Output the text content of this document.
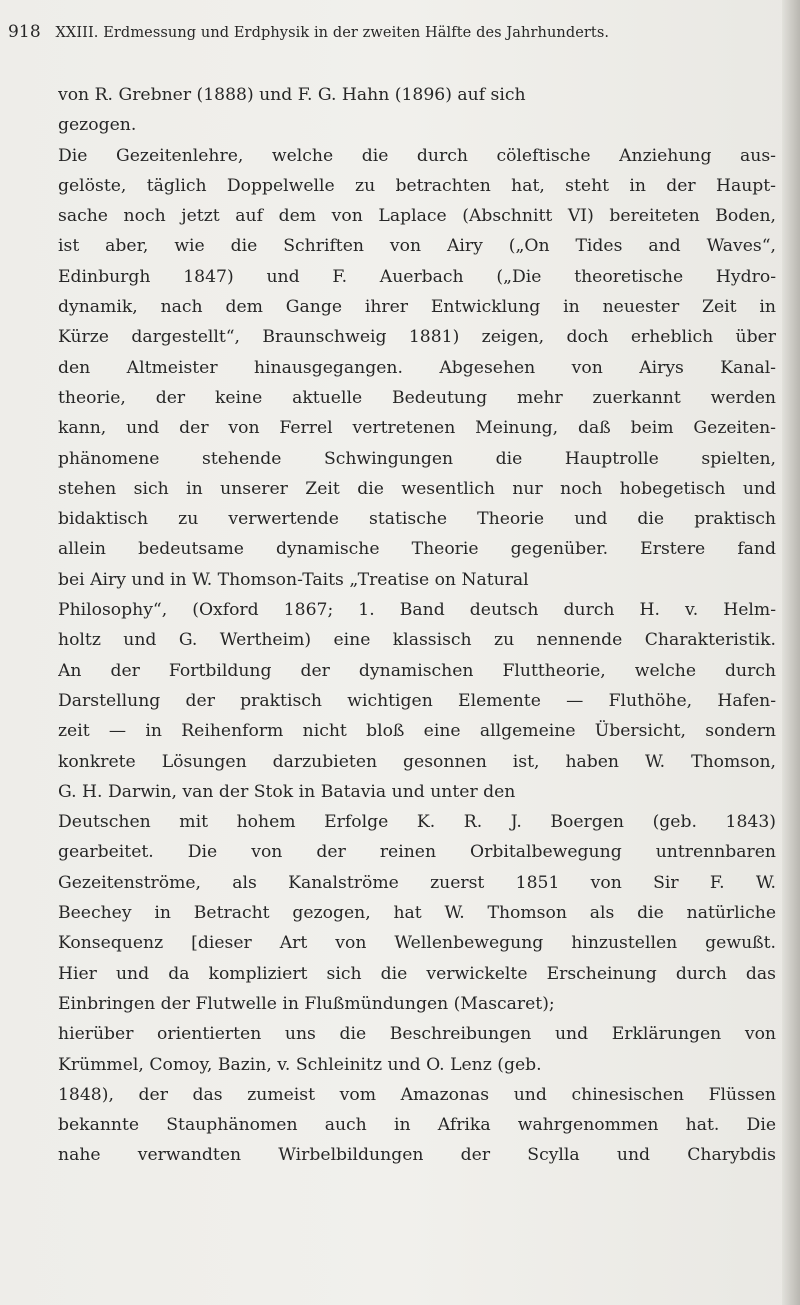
918 XXIII. Erdmessung und Erdphysik in der zweiten Hälfte des Jahrhunderts.
von R. Grebner (1888) und F. G. Hahn (1896) auf sich
gezogen.
Die Gezeitenlehre, welche die durch cöleftische Anziehung aus-
gelöste, täglich Doppelwelle zu betrachten hat, steht in der Haupt-
sache noch jetzt auf dem von Laplace (Abschnitt VI) bereiteten Boden,
ist aber, wie die Schriften von Airy („On Tides and Waves“,
Edinburgh 1847) und F. Auerbach („Die theoretische Hydro-
dynamik, nach dem Gange ihrer Entwicklung in neuester Zeit in
Kürze dargestellt“, Braunschweig 1881) zeigen, doch erheblich über
den Altmeister hinausgegangen. Abgesehen von Airys Kanal-
theorie, der keine aktuelle Bedeutung mehr zuerkannt werden
kann, und der von Ferrel vertretenen Meinung, daß beim Gezeiten-
phänomene stehende Schwingungen die Hauptrolle spielten,
stehen sich in unserer Zeit die wesentlich nur noch hobegetisch und
bidaktisch zu verwertende statische Theorie und die praktisch
allein bedeutsame dynamische Theorie gegenüber. Erstere fand
bei Airy und in W. Thomson-Taits „Treatise on Natural
Philosophy“, (Oxford 1867; 1. Band deutsch durch H. v. Helm-
holtz und G. Wertheim) eine klassisch zu nennende Charakteristik.
An der Fortbildung der dynamischen Fluttheorie, welche durch
Darstellung der praktisch wichtigen Elemente — Fluthöhe, Hafen-
zeit — in Reihenform nicht bloß eine allgemeine Übersicht, sondern
konkrete Lösungen darzubieten gesonnen ist, haben W. Thomson,
G. H. Darwin, van der Stok in Batavia und unter den
Deutschen mit hohem Erfolge K. R. J. Boergen (geb. 1843)
gearbeitet. Die von der reinen Orbitalbewegung untrennbaren
Gezeitenströme, als Kanalströme zuerst 1851 von Sir F. W.
Beechey in Betracht gezogen, hat W. Thomson als die natürliche
Konsequenz [dieser Art von Wellenbewegung hinzustellen gewußt.
Hier und da kompliziert sich die verwickelte Erscheinung durch das
Einbringen der Flutwelle in Flußmündungen (Mascaret);
hierüber orientierten uns die Beschreibungen und Erklärungen von
Krümmel, Comoy, Bazin, v. Schleinitz und O. Lenz (geb.
1848), der das zumeist vom Amazonas und chinesischen Flüssen
bekannte Stauphänomen auch in Afrika wahrgenommen hat. Die
nahe verwandten Wirbelbildungen der Scylla und Charybdis
